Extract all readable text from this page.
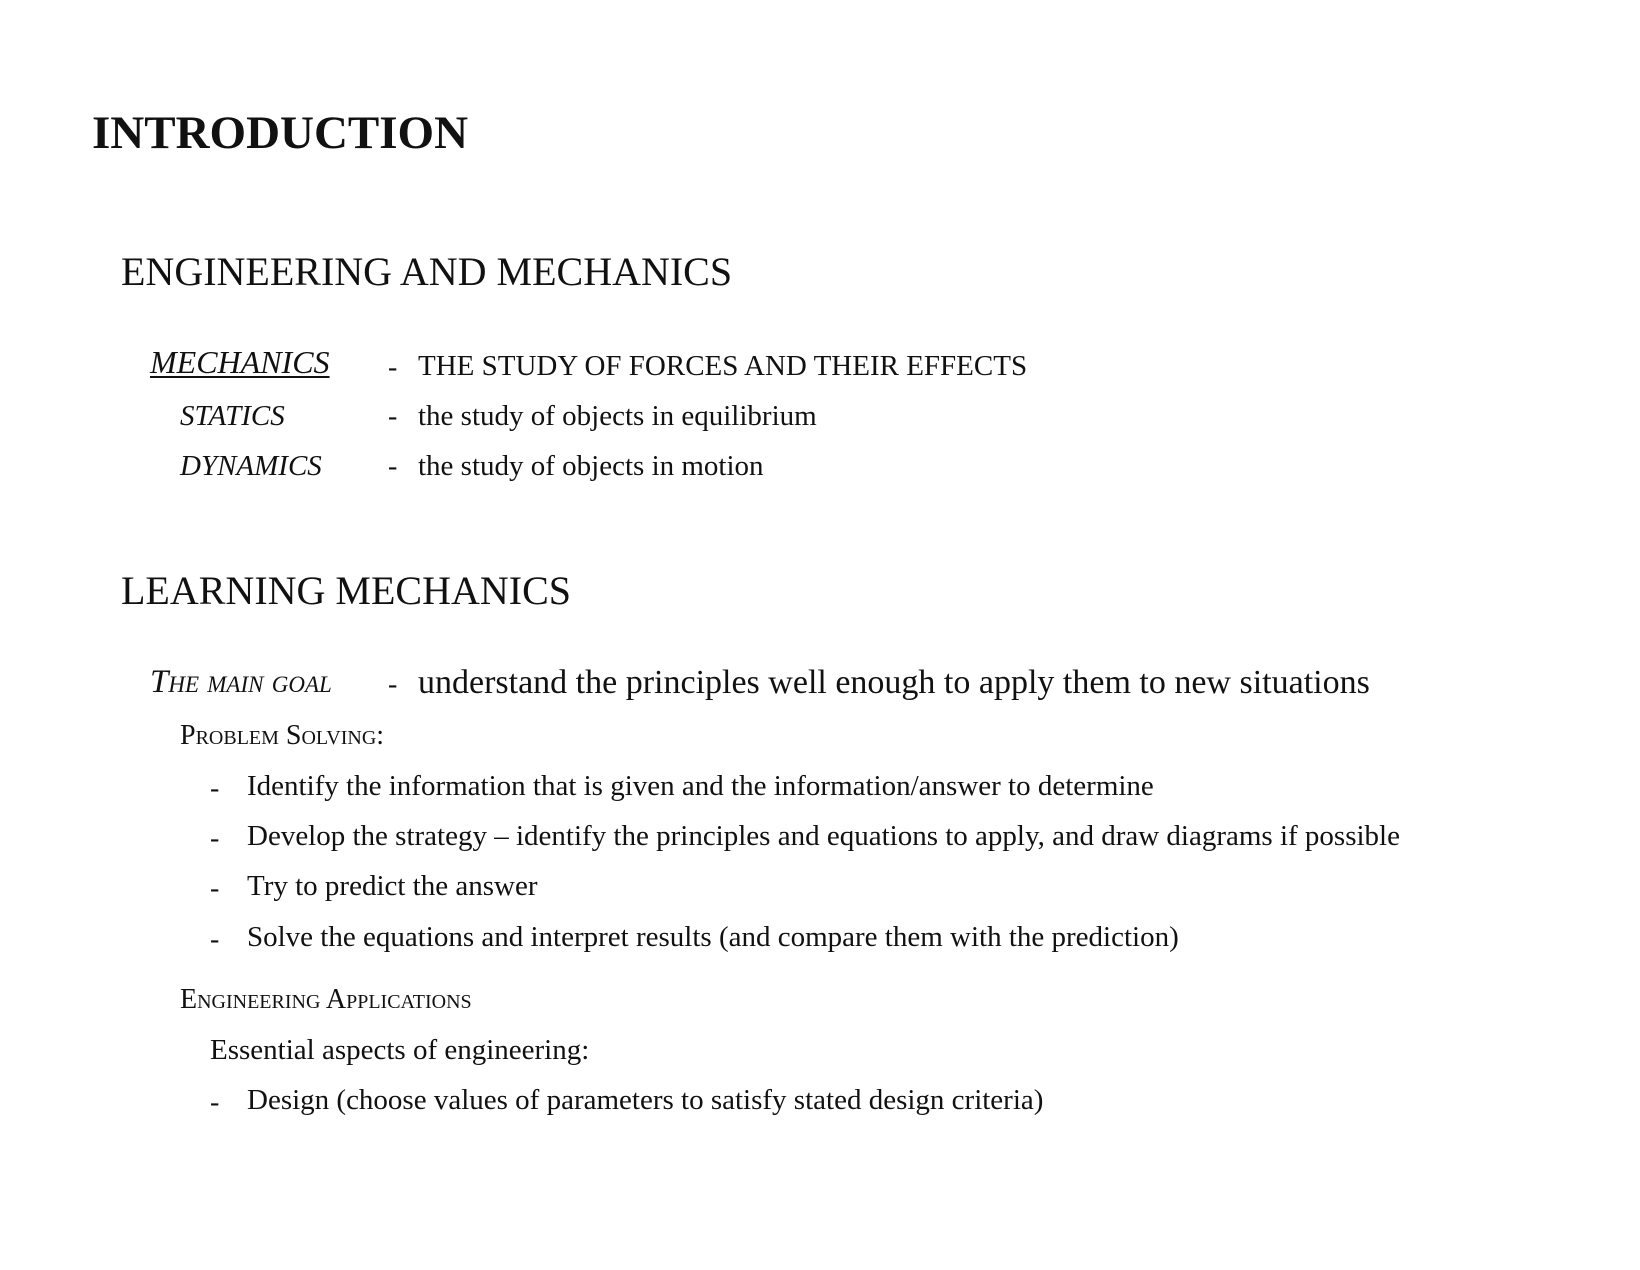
INTRODUCTION
ENGINEERING AND MECHANICS
MECHANICS - THE STUDY OF FORCES AND THEIR EFFECTS
STATICS	- the study of objects in equilibrium
DYNAMICS - the study of objects in motion
LEARNING MECHANICS
The main goal - understand the principles well enough to apply them to new situations
Problem Solving:
- Identify the information that is given and the information/answer to determine
- Develop the strategy – identify the principles and equations to apply, and draw diagrams if possible
- Try to predict the answer
- Solve the equations and interpret results (and compare them with the prediction)
Engineering Applications
Essential aspects of engineering:
- Design (choose values of parameters to satisfy stated design criteria)
